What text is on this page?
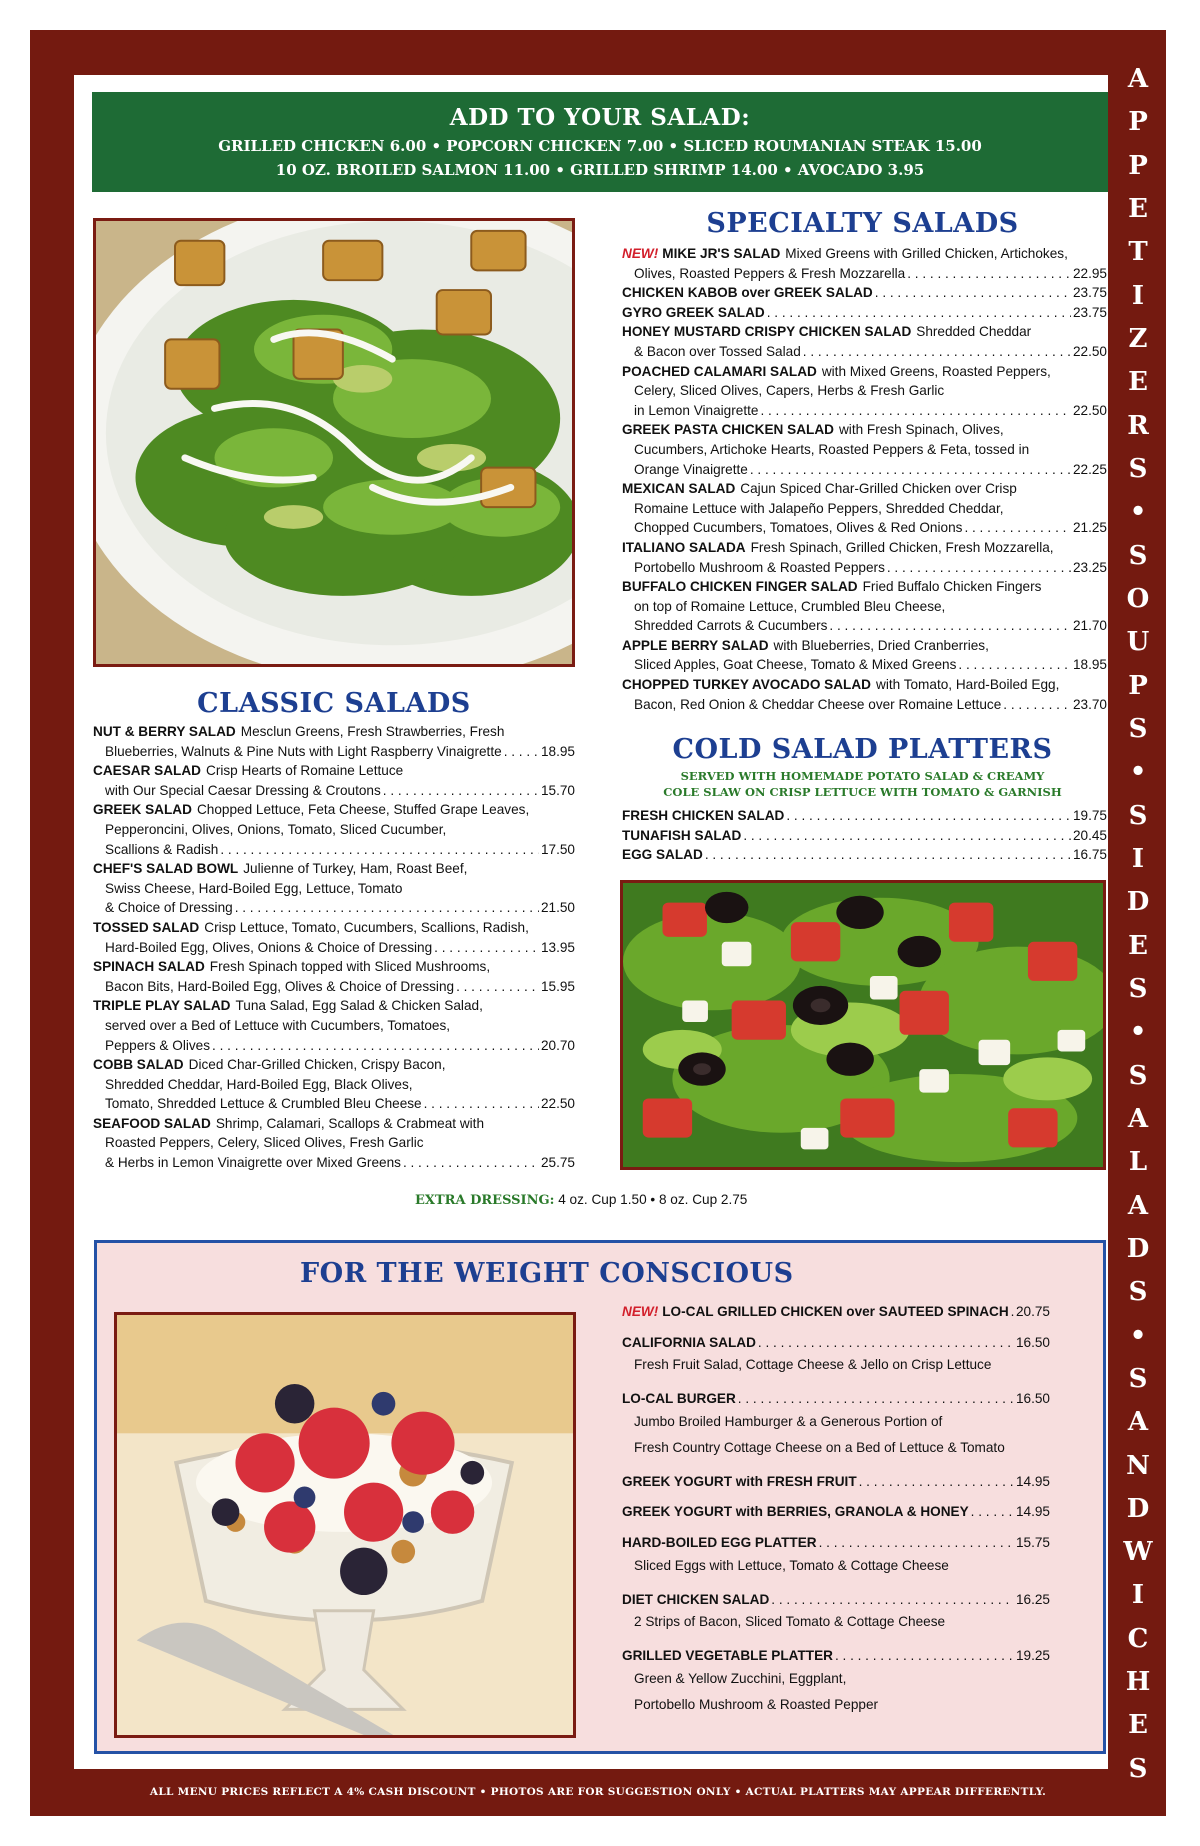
A
P
P
E
T
I
Z
E
R
S
•
S
O
U
P
S
•
S
I
D
E
S
•
S
A
L
A
D
S
•
S
A
N
D
W
I
C
H
E
S
ADD TO YOUR SALAD:
GRILLED CHICKEN 6.00 • POPCORN CHICKEN 7.00 • SLICED ROUMANIAN STEAK 15.00
10 OZ. BROILED SALMON 11.00 • GRILLED SHRIMP 14.00 • AVOCADO 3.95
CLASSIC SALADS
NUT & BERRY SALAD Mesclun Greens, Fresh Strawberries, Fresh
Blueberries, Walnuts & Pine Nuts with Light Raspberry Vinaigrette . . .	18.95
CAESAR SALAD Crisp Hearts of Romaine Lettuce
with Our Special Caesar Dressing & Croutons . . .	15.70
GREEK SALAD Chopped Lettuce, Feta Cheese, Stuffed Grape Leaves,
Pepperoncini, Olives, Onions, Tomato, Sliced Cucumber,
Scallions & Radish . . .	17.50
CHEF'S SALAD BOWL Julienne of Turkey, Ham, Roast Beef,
Swiss Cheese, Hard-Boiled Egg, Lettuce, Tomato
& Choice of Dressing . . .	21.50
TOSSED SALAD Crisp Lettuce, Tomato, Cucumbers, Scallions, Radish,
Hard-Boiled Egg, Olives, Onions & Choice of Dressing . . .	13.95
SPINACH SALAD Fresh Spinach topped with Sliced Mushrooms,
Bacon Bits, Hard-Boiled Egg, Olives & Choice of Dressing . . .	15.95
TRIPLE PLAY SALAD Tuna Salad, Egg Salad & Chicken Salad,
served over a Bed of Lettuce with Cucumbers, Tomatoes,
Peppers & Olives . . .	20.70
COBB SALAD Diced Char-Grilled Chicken, Crispy Bacon,
Shredded Cheddar, Hard-Boiled Egg, Black Olives,
Tomato, Shredded Lettuce & Crumbled Bleu Cheese . . .	22.50
SEAFOOD SALAD Shrimp, Calamari, Scallops & Crabmeat with
Roasted Peppers, Celery, Sliced Olives, Fresh Garlic
& Herbs in Lemon Vinaigrette over Mixed Greens . . .	25.75
SPECIALTY SALADS
NEW! MIKE JR'S SALAD Mixed Greens with Grilled Chicken, Artichokes,
Olives, Roasted Peppers & Fresh Mozzarella . . .	22.95
CHICKEN KABOB over GREEK SALAD . . .	23.75
GYRO GREEK SALAD . . .	23.75
HONEY MUSTARD CRISPY CHICKEN SALAD Shredded Cheddar
& Bacon over Tossed Salad . . .	22.50
POACHED CALAMARI SALAD with Mixed Greens, Roasted Peppers,
Celery, Sliced Olives, Capers, Herbs & Fresh Garlic
in Lemon Vinaigrette . . .	22.50
GREEK PASTA CHICKEN SALAD with Fresh Spinach, Olives,
Cucumbers, Artichoke Hearts, Roasted Peppers & Feta, tossed in
Orange Vinaigrette . . .	22.25
MEXICAN SALAD Cajun Spiced Char-Grilled Chicken over Crisp
Romaine Lettuce with Jalapeño Peppers, Shredded Cheddar,
Chopped Cucumbers, Tomatoes, Olives & Red Onions . . .	21.25
ITALIANO SALADA Fresh Spinach, Grilled Chicken, Fresh Mozzarella,
Portobello Mushroom & Roasted Peppers . . .	23.25
BUFFALO CHICKEN FINGER SALAD Fried Buffalo Chicken Fingers
on top of Romaine Lettuce, Crumbled Bleu Cheese,
Shredded Carrots & Cucumbers . . .	21.70
APPLE BERRY SALAD with Blueberries, Dried Cranberries,
Sliced Apples, Goat Cheese, Tomato & Mixed Greens . . .	18.95
CHOPPED TURKEY AVOCADO SALAD with Tomato, Hard-Boiled Egg,
Bacon, Red Onion & Cheddar Cheese over Romaine Lettuce . . .	23.70
COLD SALAD PLATTERS
SERVED WITH HOMEMADE POTATO SALAD & CREAMY
COLE SLAW ON CRISP LETTUCE WITH TOMATO & GARNISH
FRESH CHICKEN SALAD . . .	19.75
TUNAFISH SALAD . . .	20.45
EGG SALAD . . .	16.75
EXTRA DRESSING: 4 oz. Cup 1.50 • 8 oz. Cup 2.75
FOR THE WEIGHT CONSCIOUS
NEW! LO-CAL GRILLED CHICKEN over SAUTEED SPINACH . . . 20.75
CALIFORNIA SALAD . . .	16.50
Fresh Fruit Salad, Cottage Cheese & Jello on Crisp Lettuce
LO-CAL BURGER . . .	16.50
Jumbo Broiled Hamburger & a Generous Portion of
Fresh Country Cottage Cheese on a Bed of Lettuce & Tomato
GREEK YOGURT with FRESH FRUIT . . .	14.95
GREEK YOGURT with BERRIES, GRANOLA & HONEY . . .	14.95
HARD-BOILED EGG PLATTER . . .	15.75
Sliced Eggs with Lettuce, Tomato & Cottage Cheese
DIET CHICKEN SALAD . . .	16.25
2 Strips of Bacon, Sliced Tomato & Cottage Cheese
GRILLED VEGETABLE PLATTER . . .	19.25
Green & Yellow Zucchini, Eggplant,
Portobello Mushroom & Roasted Pepper
ALL MENU PRICES REFLECT A 4% CASH DISCOUNT • PHOTOS ARE FOR SUGGESTION ONLY • ACTUAL PLATTERS MAY APPEAR DIFFERENTLY.
